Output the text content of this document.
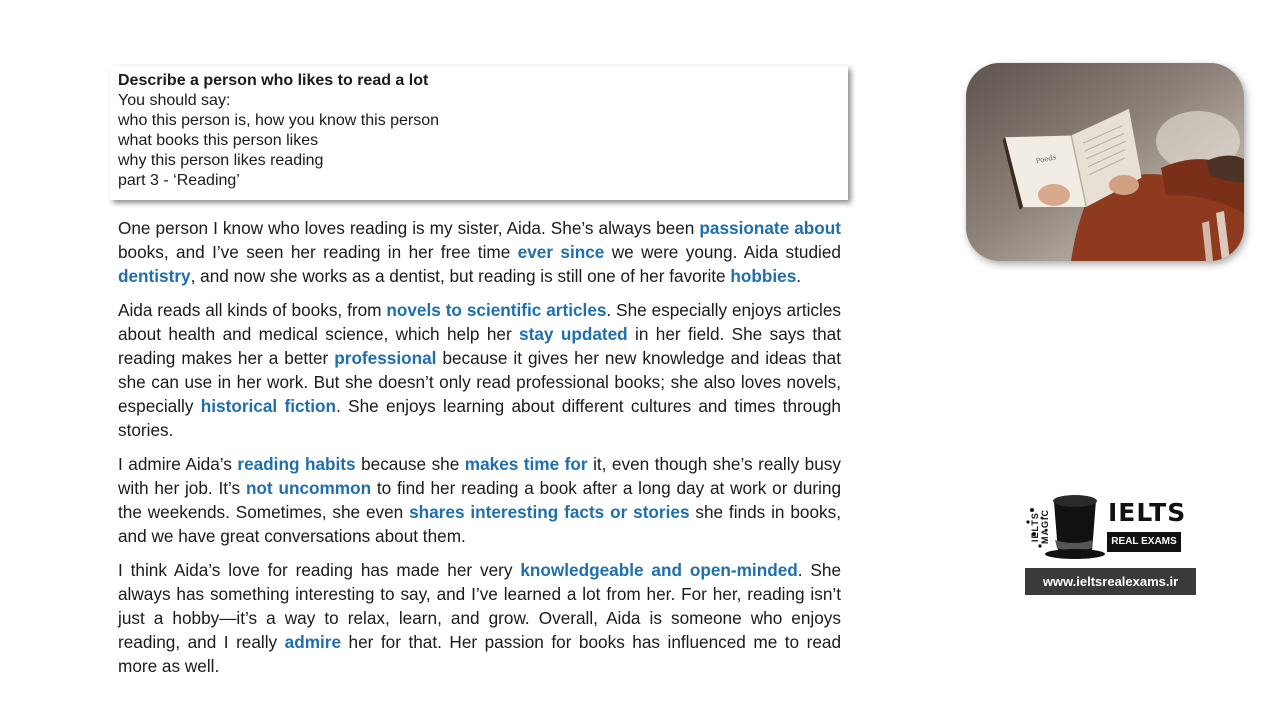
Describe a person who likes to read a lot
You should say:
who this person is, how you know this person
what books this person likes
why this person likes reading
part 3 - ‘Reading’

One person I know who loves reading is my sister, Aida. She’s always been passionate about books, and I’ve seen her reading in her free time ever since we were young. Aida studied dentistry, and now she works as a dentist, but reading is still one of her favorite hobbies.

Aida reads all kinds of books, from novels to scientific articles. She especially enjoys articles about health and medical science, which help her stay updated in her field. She says that reading makes her a better professional because it gives her new knowledge and ideas that she can use in her work. But she doesn’t only read professional books; she also loves novels, especially historical fiction. She enjoys learning about different cultures and times through stories.

I admire Aida’s reading habits because she makes time for it, even though she’s really busy with her job. It’s not uncommon to find her reading a book after a long day at work or during the weekends. Sometimes, she even shares interesting facts or stories she finds in books, and we have great conversations about them.

I think Aida’s love for reading has made her very knowledgeable and open-minded. She always has something interesting to say, and I’ve learned a lot from her. For her, reading isn’t just a hobby—it’s a way to relax, learn, and grow. Overall, Aida is someone who enjoys reading, and I really admire her for that. Her passion for books has influenced me to read more as well.

Poeds
IELTS MAGIC IELTS
REAL EXAMS
www.ieltsrealexams.ir
